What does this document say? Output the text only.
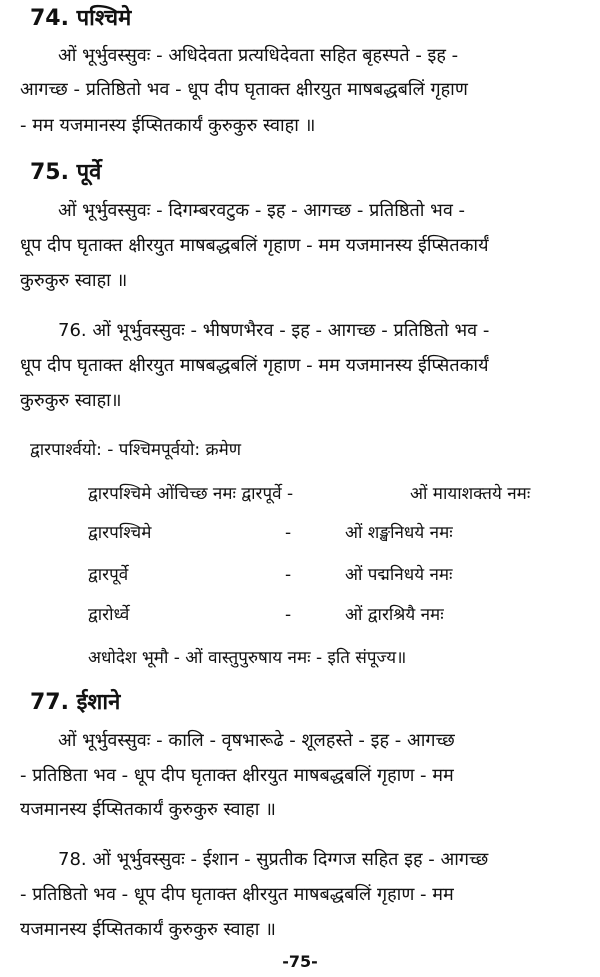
74. पश्चिमे
ओं भूर्भुवस्सुवः - अधिदेवता प्रत्यधिदेवता सहित बृहस्पते - इह -
आगच्छ - प्रतिष्ठितो भव - धूप दीप घृताक्त क्षीरयुत माषबद्धबलिं गृहाण
- मम यजमानस्य ईप्सितकार्यं कुरुकुरु स्वाहा ॥
75. पूर्वे
ओं भूर्भुवस्सुवः - दिगम्बरवटुक - इह - आगच्छ - प्रतिष्ठितो भव -
धूप दीप घृताक्त क्षीरयुत माषबद्धबलिं गृहाण - मम यजमानस्य ईप्सितकार्यं
कुरुकुरु स्वाहा ॥
76. ओं भूर्भुवस्सुवः - भीषणभैरव - इह - आगच्छ - प्रतिष्ठितो भव -
धूप दीप घृताक्त क्षीरयुत माषबद्धबलिं गृहाण - मम यजमानस्य ईप्सितकार्यं
कुरुकुरु स्वाहा॥
द्वारपार्श्वयो: - पश्चिमपूर्वयो: क्रमेण
द्वारपश्चिमे ओंचिच्छ नमः द्वारपूर्वे -	ओं मायाशक्तये नमः
द्वारपश्चिमे	-	ओं शङ्खनिधये नमः
द्वारपूर्वे	-	ओं पद्मनिधये नमः
द्वारोर्ध्वे	-	ओं द्वारश्रियै नमः
अधोदेश भूमौ - ओं वास्तुपुरुषाय नमः - इति संपूज्य॥
77. ईशाने
ओं भूर्भुवस्सुवः - कालि - वृषभारूढे - शूलहस्ते - इह - आगच्छ
- प्रतिष्ठिता भव - धूप दीप घृताक्त क्षीरयुत माषबद्धबलिं गृहाण - मम
यजमानस्य ईप्सितकार्यं कुरुकुरु स्वाहा ॥
78. ओं भूर्भुवस्सुवः - ईशान - सुप्रतीक दिग्गज सहित इह - आगच्छ
- प्रतिष्ठितो भव - धूप दीप घृताक्त क्षीरयुत माषबद्धबलिं गृहाण - मम
यजमानस्य ईप्सितकार्यं कुरुकुरु स्वाहा ॥
-75-
